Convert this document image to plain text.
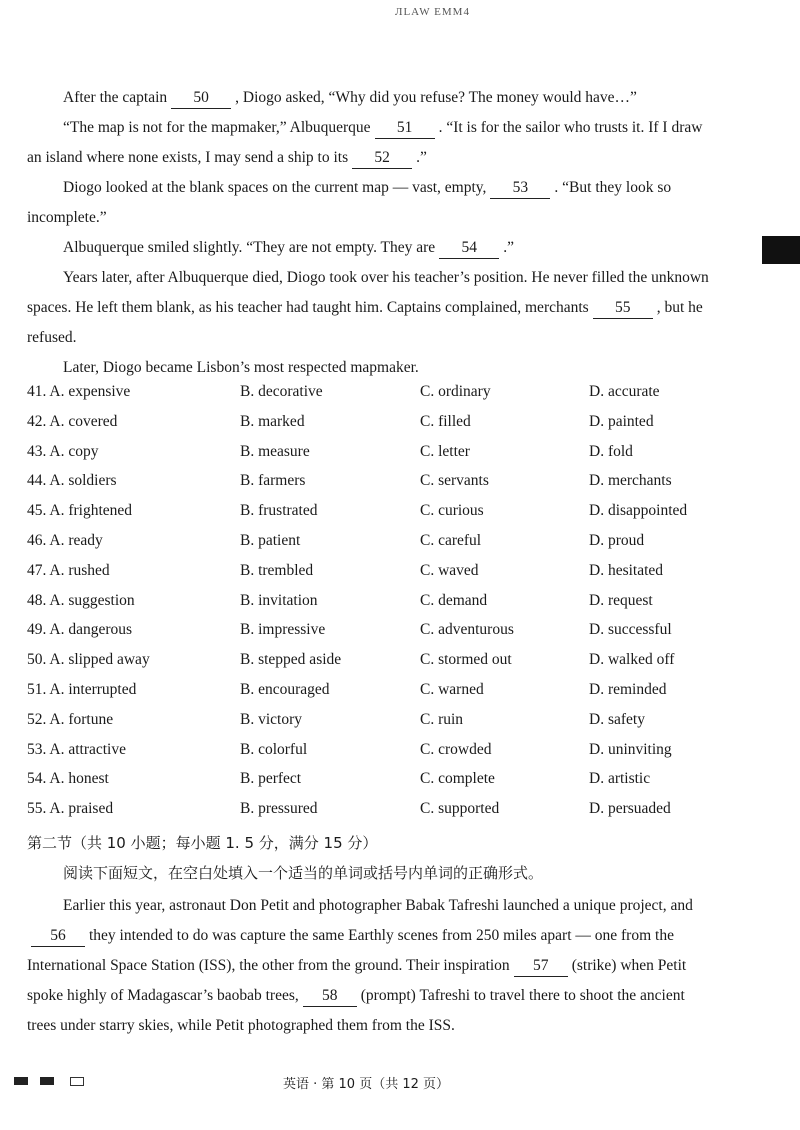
ЛLAW ЕMM4

After the captain 50 , Diogo asked, “Why did you refuse? The money would have…”

“The map is not for the mapmaker,” Albuquerque 51 . “It is for the sailor who trusts it. If I draw an island where none exists, I may send a ship to its 52 .”

Diogo looked at the blank spaces on the current map — vast, empty, 53 . “But they look so incomplete.”

Albuquerque smiled slightly. “They are not empty. They are 54 .”

Years later, after Albuquerque died, Diogo took over his teacher’s position. He never filled the unknown spaces. He left them blank, as his teacher had taught him. Captains complained, merchants 55 , but he refused.

Later, Diogo became Lisbon’s most respected mapmaker.

41. A. expensive	B. decorative	C. ordinary	D. accurate
42. A. covered	B. marked	C. filled	D. painted
43. A. copy	B. measure	C. letter	D. fold
44. A. soldiers	B. farmers	C. servants	D. merchants
45. A. frightened	B. frustrated	C. curious	D. disappointed
46. A. ready	B. patient	C. careful	D. proud
47. A. rushed	B. trembled	C. waved	D. hesitated
48. A. suggestion	B. invitation	C. demand	D. request
49. A. dangerous	B. impressive	C. adventurous	D. successful
50. A. slipped away	B. stepped aside	C. stormed out	D. walked off
51. A. interrupted	B. encouraged	C. warned	D. reminded
52. A. fortune	B. victory	C. ruin	D. safety
53. A. attractive	B. colorful	C. crowded	D. uninviting
54. A. honest	B. perfect	C. complete	D. artistic
55. A. praised	B. pressured	C. supported	D. persuaded
第二节（共 10 小题；每小题 1. 5 分，满分 15 分）
阅读下面短文，在空白处填入一个适当的单词或括号内单词的正确形式。

Earlier this year, astronaut Don Petit and photographer Babak Tafreshi launched a unique project, and56 they intended to do was capture the same Earthly scenes from 250 miles apart — one from the International Space Station (ISS), the other from the ground. Their inspiration 57 (strike) when Petit spoke highly of Madagascar’s baobab trees, 58 (prompt) Tafreshi to travel there to shoot the ancient trees under starry skies, while Petit photographed them from the ISS.

英语 · 第 10 页（共 12 页）
